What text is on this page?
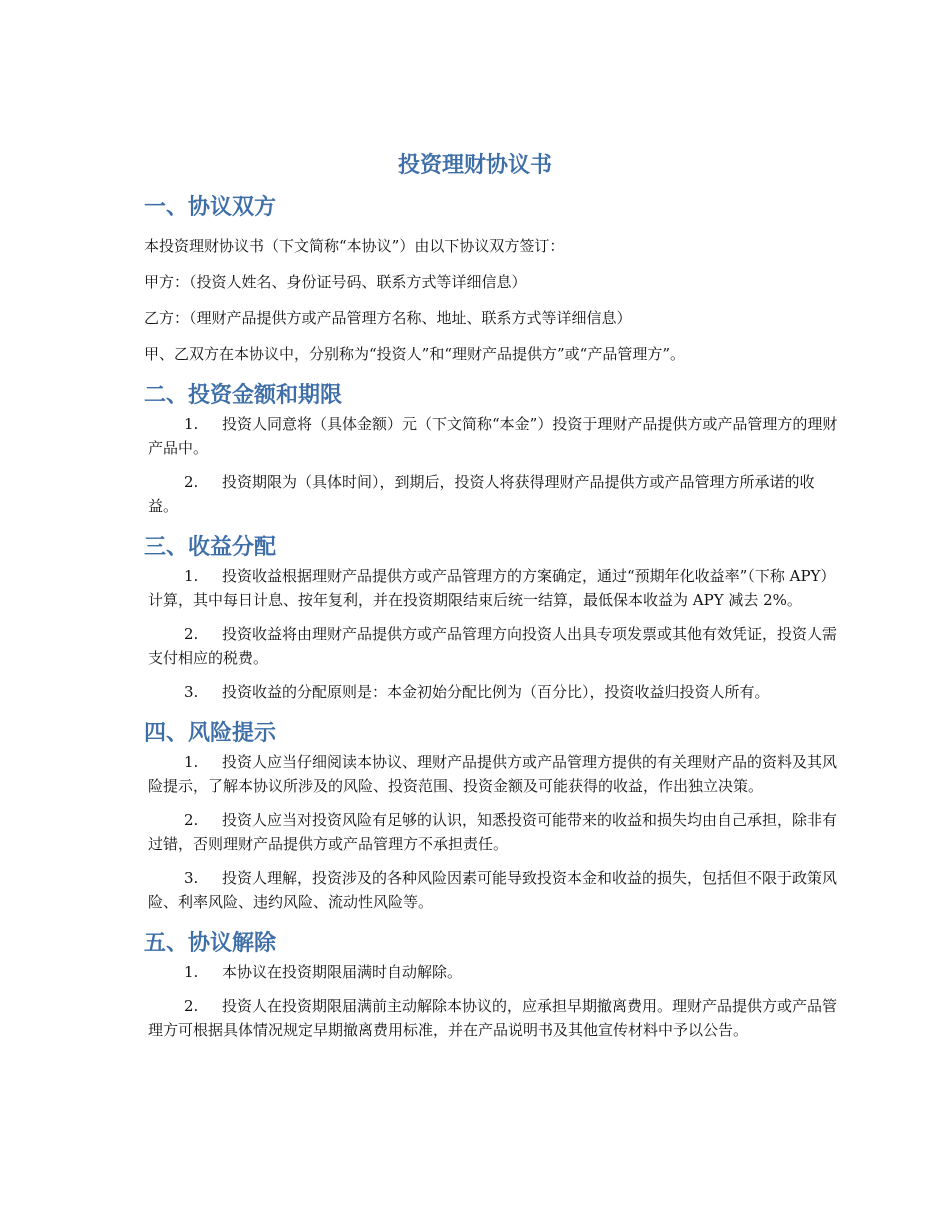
投资理财协议书
一、协议双方

本投资理财协议书（下文简称“本协议”）由以下协议双方签订：

甲方：（投资人姓名、身份证号码、联系方式等详细信息）

乙方：（理财产品提供方或产品管理方名称、地址、联系方式等详细信息）

甲、乙双方在本协议中，分别称为“投资人”和“理财产品提供方”或“产品管理方”。

二、投资金额和期限

1. 投资人同意将（具体金额）元（下文简称“本金”）投资于理财产品提供方或产品管理方的理财产品中。

2. 投资期限为（具体时间），到期后，投资人将获得理财产品提供方或产品管理方所承诺的收益。

三、收益分配

1. 投资收益根据理财产品提供方或产品管理方的方案确定，通过“预期年化收益率”（下称 APY）计算，其中每日计息、按年复利，并在投资期限结束后统一结算，最低保本收益为 APY 减去 2%。

2. 投资收益将由理财产品提供方或产品管理方向投资人出具专项发票或其他有效凭证，投资人需支付相应的税费。

3. 投资收益的分配原则是：本金初始分配比例为（百分比），投资收益归投资人所有。

四、风险提示

1. 投资人应当仔细阅读本协议、理财产品提供方或产品管理方提供的有关理财产品的资料及其风险提示，了解本协议所涉及的风险、投资范围、投资金额及可能获得的收益，作出独立决策。

2. 投资人应当对投资风险有足够的认识，知悉投资可能带来的收益和损失均由自己承担，除非有过错，否则理财产品提供方或产品管理方不承担责任。

3. 投资人理解，投资涉及的各种风险因素可能导致投资本金和收益的损失，包括但不限于政策风险、利率风险、违约风险、流动性风险等。

五、协议解除

1. 本协议在投资期限届满时自动解除。

2. 投资人在投资期限届满前主动解除本协议的，应承担早期撤离费用。理财产品提供方或产品管理方可根据具体情况规定早期撤离费用标准，并在产品说明书及其他宣传材料中予以公告。
